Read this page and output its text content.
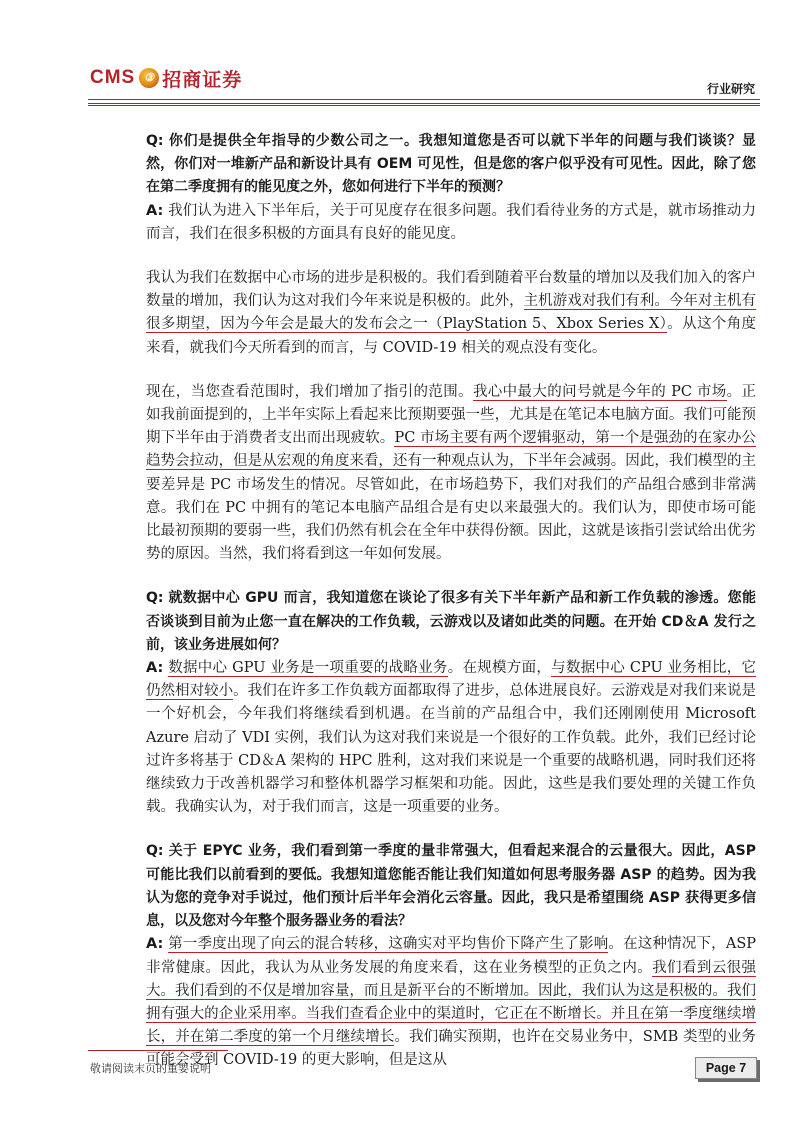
CMS ③ 招商证券	行业研究

Q: 你们是提供全年指导的少数公司之一。我想知道您是否可以就下半年的问题与我们谈谈？显然，你们对一堆新产品和新设计具有 OEM 可见性，但是您的客户似乎没有可见性。因此，除了您在第二季度拥有的能见度之外，您如何进行下半年的预测？

A: 我们认为进入下半年后，关于可见度存在很多问题。我们看待业务的方式是，就市场推动力而言，我们在很多积极的方面具有良好的能见度。

我认为我们在数据中心市场的进步是积极的。我们看到随着平台数量的增加以及我们加入的客户数量的增加，我们认为这对我们今年来说是积极的。此外，主机游戏对我们有利。今年对主机有很多期望，因为今年会是最大的发布会之一（PlayStation 5、Xbox Series X）。从这个角度来看，就我们今天所看到的而言，与 COVID-19 相关的观点没有变化。

现在，当您查看范围时，我们增加了指引的范围。我心中最大的问号就是今年的 PC 市场。正如我前面提到的，上半年实际上看起来比预期要强一些，尤其是在笔记本电脑方面。我们可能预期下半年由于消费者支出而出现疲软。PC 市场主要有两个逻辑驱动，第一个是强劲的在家办公趋势会拉动，但是从宏观的角度来看，还有一种观点认为，下半年会减弱。因此，我们模型的主要差异是 PC 市场发生的情况。尽管如此，在市场趋势下，我们对我们的产品组合感到非常满意。我们在 PC 中拥有的笔记本电脑产品组合是有史以来最强大的。我们认为，即使市场可能比最初预期的要弱一些，我们仍然有机会在全年中获得份额。因此，这就是该指引尝试给出优劣势的原因。当然，我们将看到这一年如何发展。

Q: 就数据中心 GPU 而言，我知道您在谈论了很多有关下半年新产品和新工作负载的渗透。您能否谈谈到目前为止您一直在解决的工作负载，云游戏以及诸如此类的问题。在开始 CD＆A 发行之前，该业务进展如何？

A: 数据中心 GPU 业务是一项重要的战略业务。在规模方面，与数据中心 CPU 业务相比，它仍然相对较小。我们在许多工作负载方面都取得了进步，总体进展良好。云游戏是对我们来说是一个好机会，今年我们将继续看到机遇。在当前的产品组合中，我们还刚刚使用 Microsoft Azure 启动了 VDI 实例，我们认为这对我们来说是一个很好的工作负载。此外，我们已经讨论过许多将基于 CD＆A 架构的 HPC 胜利，这对我们来说是一个重要的战略机遇，同时我们还将继续致力于改善机器学习和整体机器学习框架和功能。因此，这些是我们要处理的关键工作负载。我确实认为，对于我们而言，这是一项重要的业务。

Q: 关于 EPYC 业务，我们看到第一季度的量非常强大，但看起来混合的云量很大。因此，ASP 可能比我们以前看到的要低。我想知道您能否能让我们知道如何思考服务器 ASP 的趋势。因为我认为您的竞争对手说过，他们预计后半年会消化云容量。因此，我只是希望围绕 ASP 获得更多信息，以及您对今年整个服务器业务的看法？

A: 第一季度出现了向云的混合转移，这确实对平均售价下降产生了影响。在这种情况下，ASP 非常健康。因此，我认为从业务发展的角度来看，这在业务模型的正负之内。我们看到云很强大。我们看到的不仅是增加容量，而且是新平台的不断增加。因此，我们认为这是积极的。我们拥有强大的企业采用率。当我们查看企业中的渠道时，它正在不断增长。并且在第一季度继续增长，并在第二季度的第一个月继续增长。我们确实预期，也许在交易业务中，SMB 类型的业务可能会受到 COVID-19 的更大影响，但是这从

敬请阅读末页的重要说明	Page 7
